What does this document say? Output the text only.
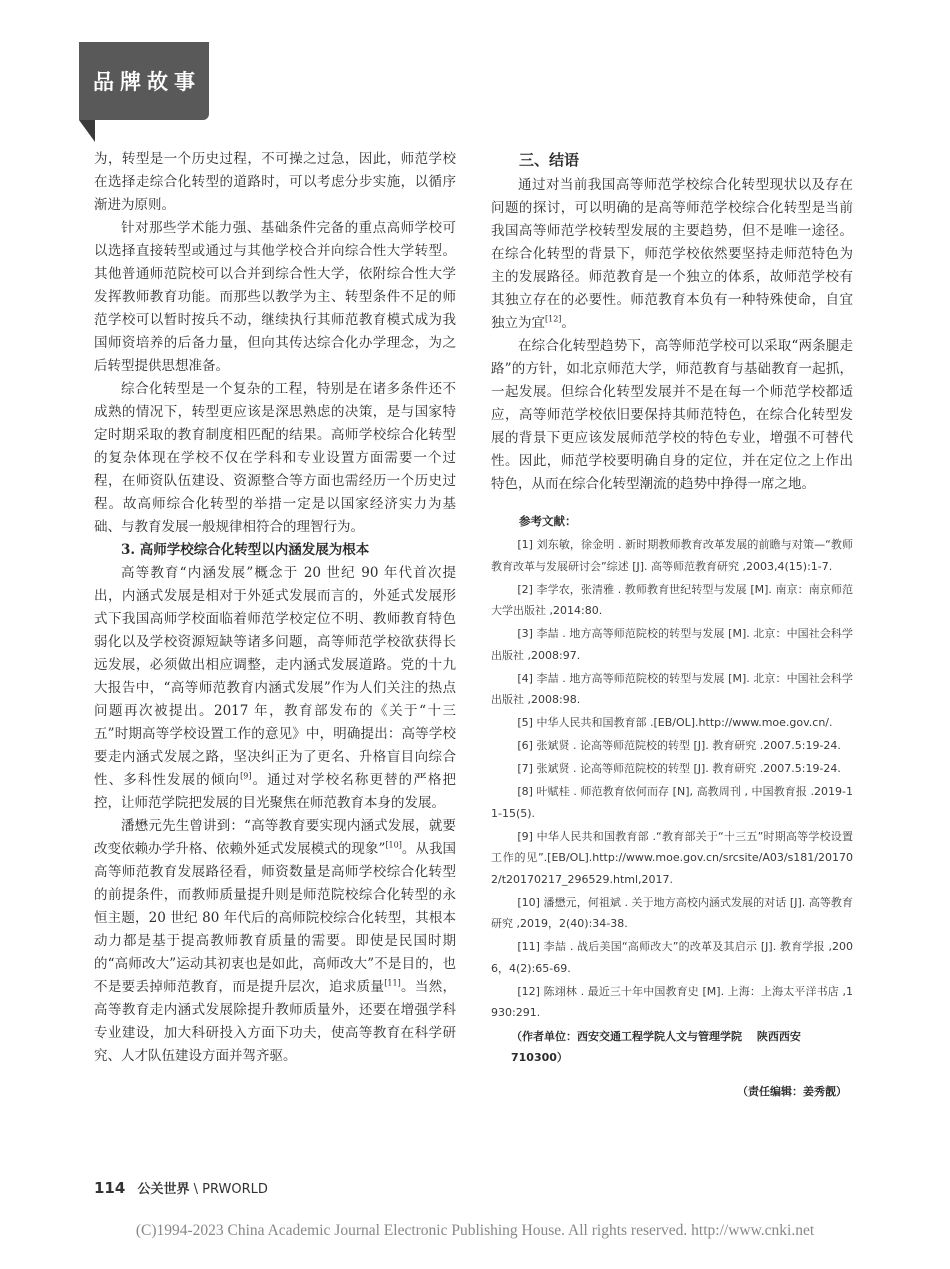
品牌故事

为，转型是一个历史过程，不可操之过急，因此，师范学校在选择走综合化转型的道路时，可以考虑分步实施，以循序渐进为原则。

针对那些学术能力强、基础条件完备的重点高师学校可以选择直接转型或通过与其他学校合并向综合性大学转型。其他普通师范院校可以合并到综合性大学，依附综合性大学发挥教师教育功能。而那些以教学为主、转型条件不足的师范学校可以暂时按兵不动，继续执行其师范教育模式成为我国师资培养的后备力量，但向其传达综合化办学理念，为之后转型提供思想准备。

综合化转型是一个复杂的工程，特别是在诸多条件还不成熟的情况下，转型更应该是深思熟虑的决策，是与国家特定时期采取的教育制度相匹配的结果。高师学校综合化转型的复杂体现在学校不仅在学科和专业设置方面需要一个过程，在师资队伍建设、资源整合等方面也需经历一个历史过程。故高师综合化转型的举措一定是以国家经济实力为基础、与教育发展一般规律相符合的理智行为。

3. 高师学校综合化转型以内涵发展为根本

高等教育“内涵发展”概念于 20 世纪 90 年代首次提出，内涵式发展是相对于外延式发展而言的，外延式发展形式下我国高师学校面临着师范学校定位不明、教师教育特色弱化以及学校资源短缺等诸多问题，高等师范学校欲获得长远发展，必须做出相应调整，走内涵式发展道路。党的十九大报告中，“高等师范教育内涵式发展”作为人们关注的热点问题再次被提出。2017 年，教育部发布的《关于“十三五”时期高等学校设置工作的意见》中，明确提出：高等学校要走内涵式发展之路，坚决纠正为了更名、升格盲目向综合性、多科性发展的倾向[9]。通过对学校名称更替的严格把控，让师范学院把发展的目光聚焦在师范教育本身的发展。

潘懋元先生曾讲到：“高等教育要实现内涵式发展，就要改变依赖办学升格、依赖外延式发展模式的现象”[10]。从我国高等师范教育发展路径看，师资数量是高师学校综合化转型的前提条件，而教师质量提升则是师范院校综合化转型的永恒主题，20 世纪 80 年代后的高师院校综合化转型，其根本动力都是基于提高教师教育质量的需要。即使是民国时期的“高师改大”运动其初衷也是如此，高师改大”不是目的，也不是要丢掉师范教育，而是提升层次，追求质量[11]。当然，高等教育走内涵式发展除提升教师质量外，还要在增强学科专业建设，加大科研投入方面下功夫，使高等教育在科学研究、人才队伍建设方面并驾齐驱。

三、结语

通过对当前我国高等师范学校综合化转型现状以及存在问题的探讨，可以明确的是高等师范学校综合化转型是当前我国高等师范学校转型发展的主要趋势，但不是唯一途径。在综合化转型的背景下，师范学校依然要坚持走师范特色为主的发展路径。师范教育是一个独立的体系，故师范学校有其独立存在的必要性。师范教育本负有一种特殊使命，自宜独立为宜[12]。

在综合化转型趋势下，高等师范学校可以采取“两条腿走路”的方针，如北京师范大学，师范教育与基础教育一起抓，一起发展。但综合化转型发展并不是在每一个师范学校都适应，高等师范学校依旧要保持其师范特色，在综合化转型发展的背景下更应该发展师范学校的特色专业，增强不可替代性。因此，师范学校要明确自身的定位，并在定位之上作出特色，从而在综合化转型潮流的趋势中挣得一席之地。

参考文献：

[1] 刘东敏，徐金明 . 新时期教师教育改革发展的前瞻与对策—“教师教育改革与发展研讨会”综述 [J]. 高等师范教育研究 ,2003,4(15):1-7.

[2] 李学农，张清雅 . 教师教育世纪转型与发展 [M]. 南京：南京师范大学出版社 ,2014:80.

[3] 李喆 . 地方高等师范院校的转型与发展 [M]. 北京：中国社会科学出版社 ,2008:97.

[4] 李喆 . 地方高等师范院校的转型与发展 [M]. 北京：中国社会科学出版社 ,2008:98.

[5] 中华人民共和国教育部 .[EB/OL].http://www.moe.gov.cn/.

[6] 张斌贤 . 论高等师范院校的转型 [J]. 教育研究 .2007.5:19-24.

[7] 张斌贤 . 论高等师范院校的转型 [J]. 教育研究 .2007.5:19-24.

[8] 叶赋桂 . 师范教育依何而存 [N], 高教周刊 , 中国教育报 .2019-11-15(5).

[9] 中华人民共和国教育部 .“教育部关于“十三五”时期高等学校设置工作的见”.[EB/OL].http://www.moe.gov.cn/srcsite/A03/s181/201702/t20170217_296529.html,2017.

[10] 潘懋元，何祖斌 . 关于地方高校内涵式发展的对话 [J]. 高等教育研究 ,2019，2(40):34-38.

[11] 李喆 . 战后美国“高师改大”的改革及其启示 [J]. 教育学报 ,2006，4(2):65-69.

[12] 陈翊林 . 最近三十年中国教育史 [M]. 上海：上海太平洋书店 ,1930:291.

（作者单位：西安交通工程学院人文与管理学院　 陕西西安　710300）

（责任编辑：姜秀靓）
114 公关世界 \ PRWORLD
(C)1994-2023 China Academic Journal Electronic Publishing House. All rights reserved. http://www.cnki.net
